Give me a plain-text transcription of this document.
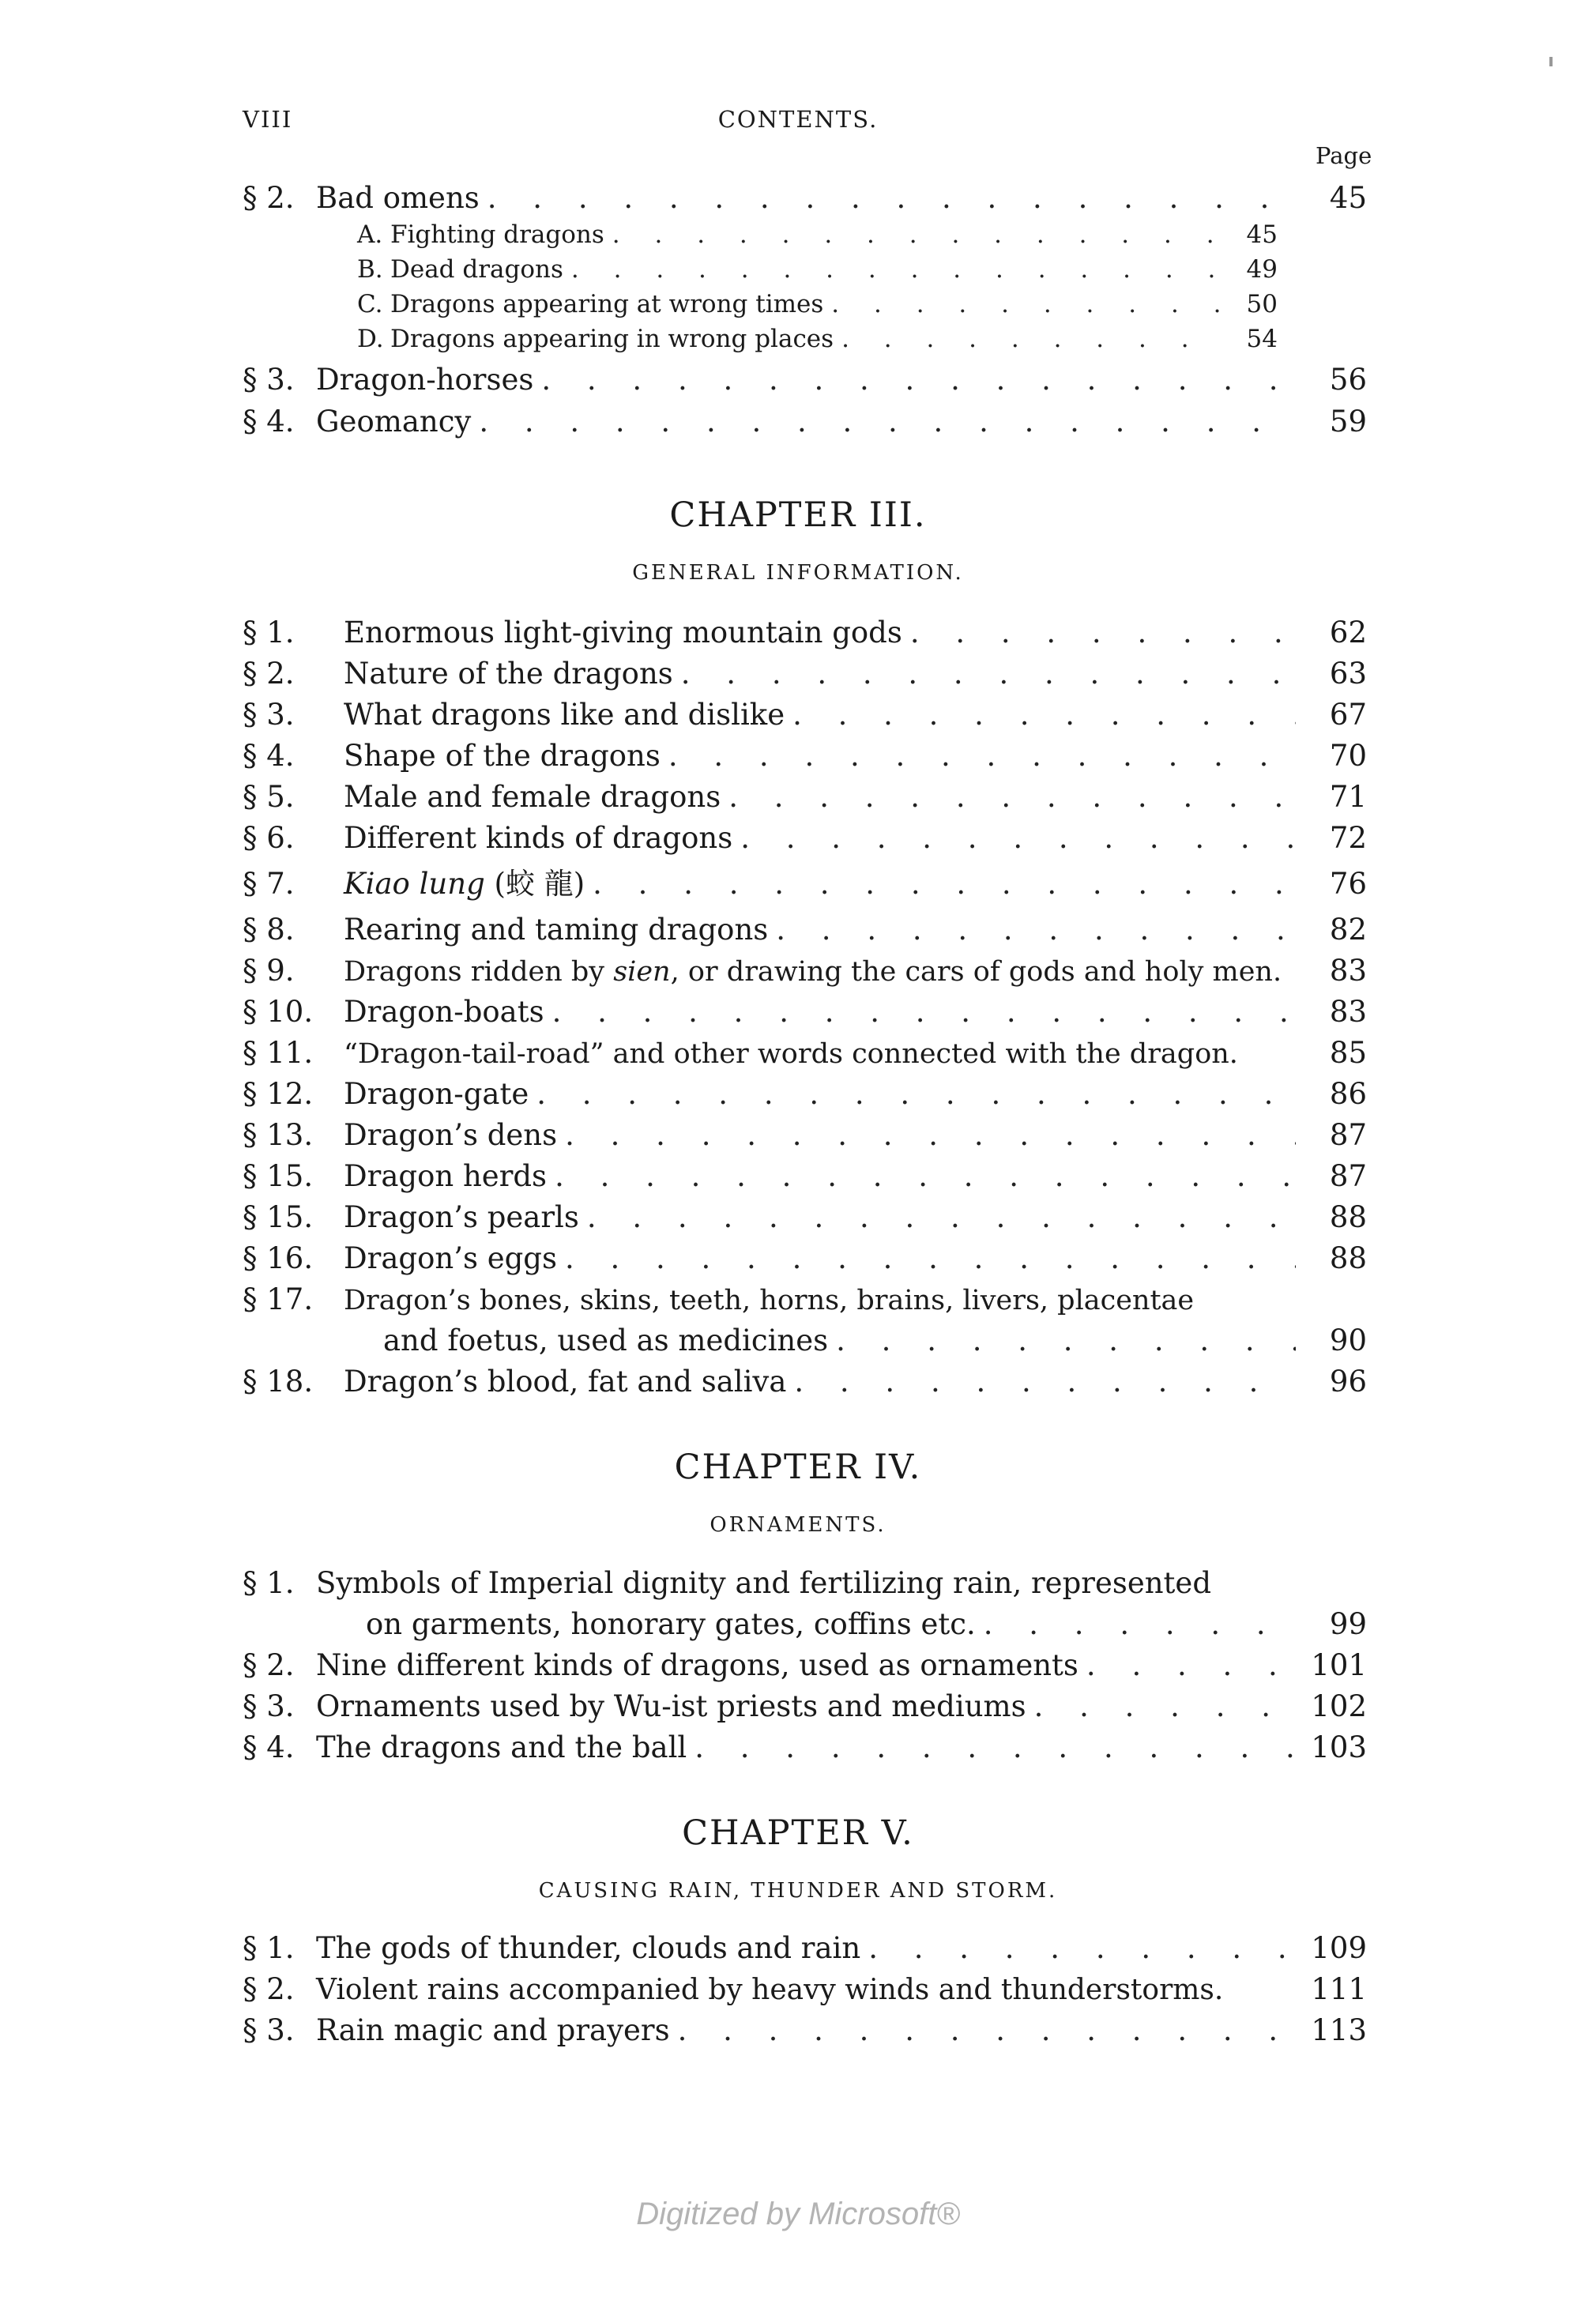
VIII	CONTENTS.
Page
§ 2. Bad omens . . .	45
A. Fighting dragons . . .	45
B. Dead dragons . . .	49
C. Dragons appearing at wrong times . . .	50
D. Dragons appearing in wrong places . . .	54
§ 3. Dragon-horses . . .	56
§ 4. Geomancy . . .	59
CHAPTER III.
GENERAL INFORMATION.
§ 1.	Enormous light-giving mountain gods . . .	62
§ 2.	Nature of the dragons . . .	63
§ 3.	What dragons like and dislike . . .	67
§ 4.	Shape of the dragons . . .	70
§ 5.	Male and female dragons . . .	71
§ 6.	Different kinds of dragons . . .	72
§ 7.	Kiao lung (蛟 龍) . . .	76
§ 8.	Rearing and taming dragons . . .	82
§ 9.	Dragons ridden by sien, or drawing the cars of gods and holy men.	83
§ 10.	Dragon-boats . . .	83
§ 11.	“Dragon-tail-road” and other words connected with the dragon.	85
§ 12.	Dragon-gate . . .	86
§ 13.	Dragon’s dens . . .	87
§ 15.	Dragon herds . . .	87
§ 15.	Dragon’s pearls . . .	88
§ 16.	Dragon’s eggs . . .	88
§ 17.	Dragon’s bones, skins, teeth, horns, brains, livers, placentae
and foetus, used as medicines . . .	90
§ 18.	Dragon’s blood, fat and saliva . . .	96
CHAPTER IV.
ORNAMENTS.
§ 1. Symbols of Imperial dignity and fertilizing rain, represented
on garments, honorary gates, coffins etc. . . .	99
§ 2. Nine different kinds of dragons, used as ornaments . . .	101
§ 3. Ornaments used by Wu-ist priests and mediums . . .	102
§ 4. The dragons and the ball . . .	103
CHAPTER V.
CAUSING RAIN, THUNDER AND STORM.
§ 1. The gods of thunder, clouds and rain . . .	109
§ 2. Violent rains accompanied by heavy winds and thunderstorms.	111
§ 3. Rain magic and prayers . . .	113
Digitized by Microsoft®
